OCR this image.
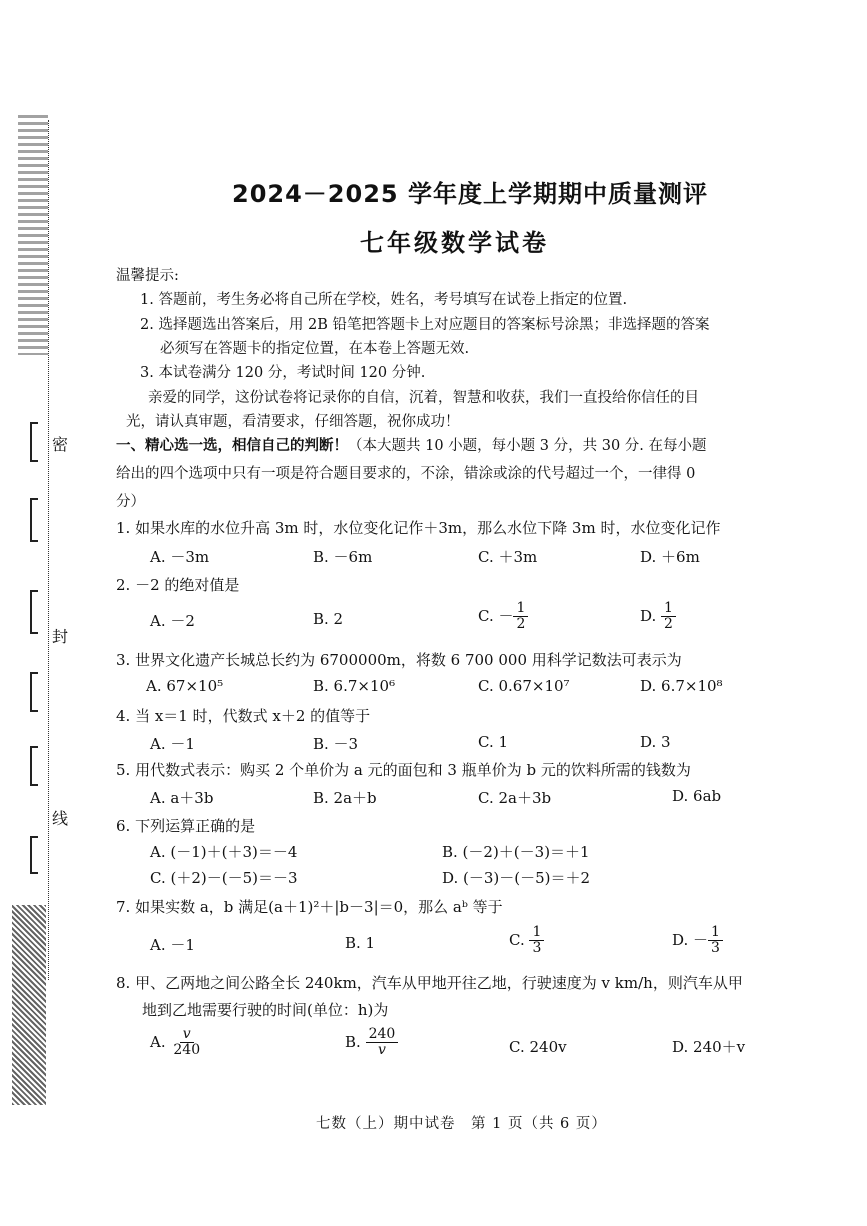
密
封
线
2024－2025 学年度上学期期中质量测评
七年级数学试卷
温馨提示:
1. 答题前，考生务必将自己所在学校，姓名，考号填写在试卷上指定的位置.
2. 选择题选出答案后，用 2B 铅笔把答题卡上对应题目的答案标号涂黑；非选择题的答案
必须写在答题卡的指定位置，在本卷上答题无效.
3. 本试卷满分 120 分，考试时间 120 分钟.
亲爱的同学，这份试卷将记录你的自信，沉着，智慧和收获，我们一直投给你信任的目
光，请认真审题，看清要求，仔细答题，祝你成功！
一、精心选一选，相信自己的判断！（本大题共 10 小题，每小题 3 分，共 30 分. 在每小题
给出的四个选项中只有一项是符合题目要求的，不涂，错涂或涂的代号超过一个，一律得 0
分）
1. 如果水库的水位升高 3m 时，水位变化记作＋3m，那么水位下降 3m 时，水位变化记作
A. －3m	B. －6m	C. ＋3m	D. ＋6m
2. －2 的绝对值是
A. －2	B. 2	C. － $\frac{1}{2}$	D. $\frac{1}{2}$
3. 世界文化遗产长城总长约为 6700000m，将数 6 700 000 用科学记数法可表示为
A. 67×10⁵	B. 6.7×10⁶	C. 0.67×10⁷	D. 6.7×10⁸
4. 当 x＝1 时，代数式 x＋2 的值等于
A. －1	B. －3	C. 1	D. 3
5. 用代数式表示：购买 2 个单价为 a 元的面包和 3 瓶单价为 b 元的饮料所需的钱数为
A. a＋3b	B. 2a＋b	C. 2a＋3b	D. 6ab
6. 下列运算正确的是
A. (－1)＋(＋3)＝－4	B. (－2)＋(－3)＝＋1
C. (＋2)－(－5)＝－3	D. (－3)－(－5)＝＋2
7. 如果实数 a，b 满足(a＋1)²＋|b－3|＝0，那么 aᵇ 等于
A. －1	B. 1	C. $\frac{1}{3}$	D. － $\frac{1}{3}$
8. 甲、乙两地之间公路全长 240km，汽车从甲地开往乙地，行驶速度为 v km/h，则汽车从甲
地到乙地需要行驶的时间(单位：h)为
A. $\frac{v}{240}$	B. $\frac{240}{v}$	C. 240v	D. 240＋v
七数（上）期中试卷　第 1 页（共 6 页）
